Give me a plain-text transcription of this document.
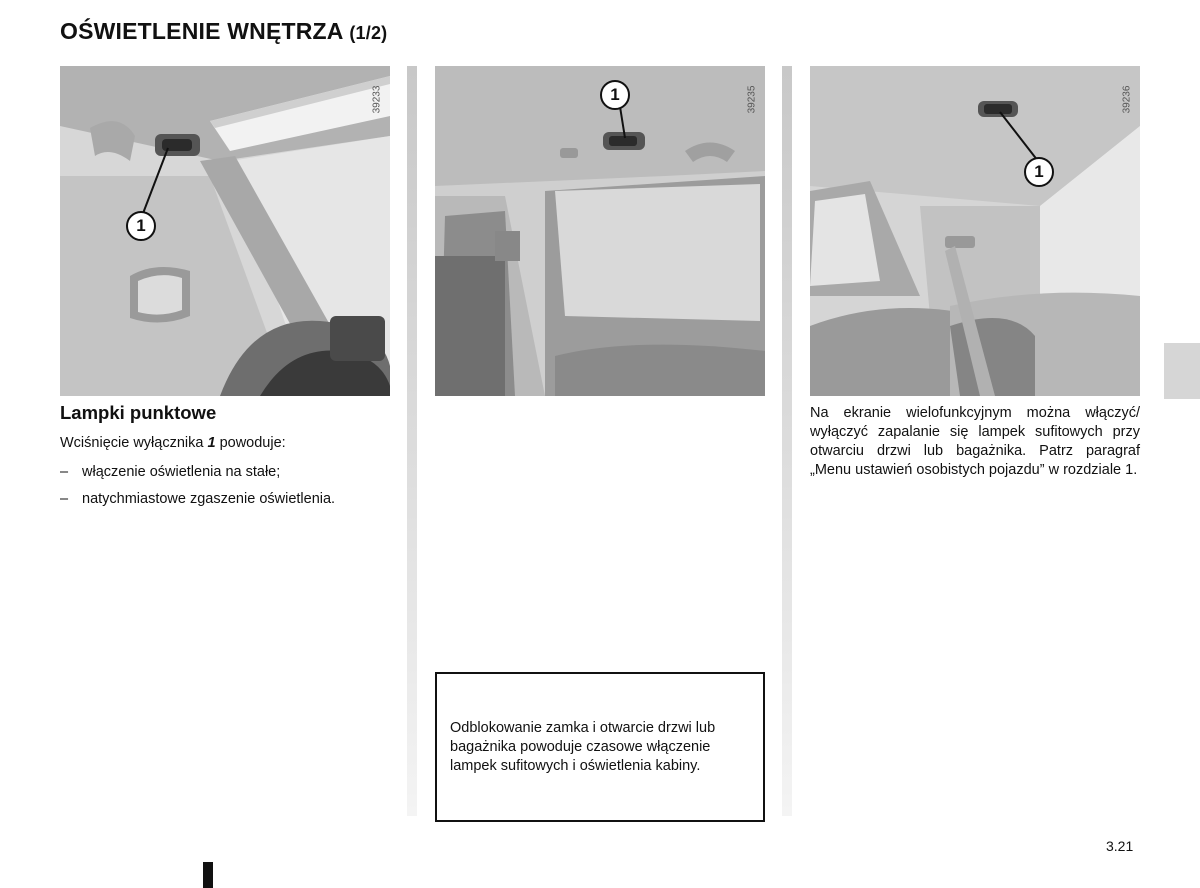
OŚWIETLENIE WNĘTRZA (1/2)
39233
1
39235
1	39236
1
Lampki punktowe
Wciśnięcie wyłącznika 1 powoduje:
– włączenie oświetlenia na stałe;
– natychmiastowe zgaszenie oświetlenia.
Odblokowanie zamka i otwarcie drzwi lub bagażnika powoduje czasowe włączenie lampek sufitowych i oświetlenia kabiny.
Na ekranie wielofunkcyjnym można włączyć/ wyłączyć zapalanie się lampek sufitowych przy otwarciu drzwi lub bagażnika. Patrz paragraf „Menu ustawień osobistych pojazdu” w rozdziale 1.
3.21
